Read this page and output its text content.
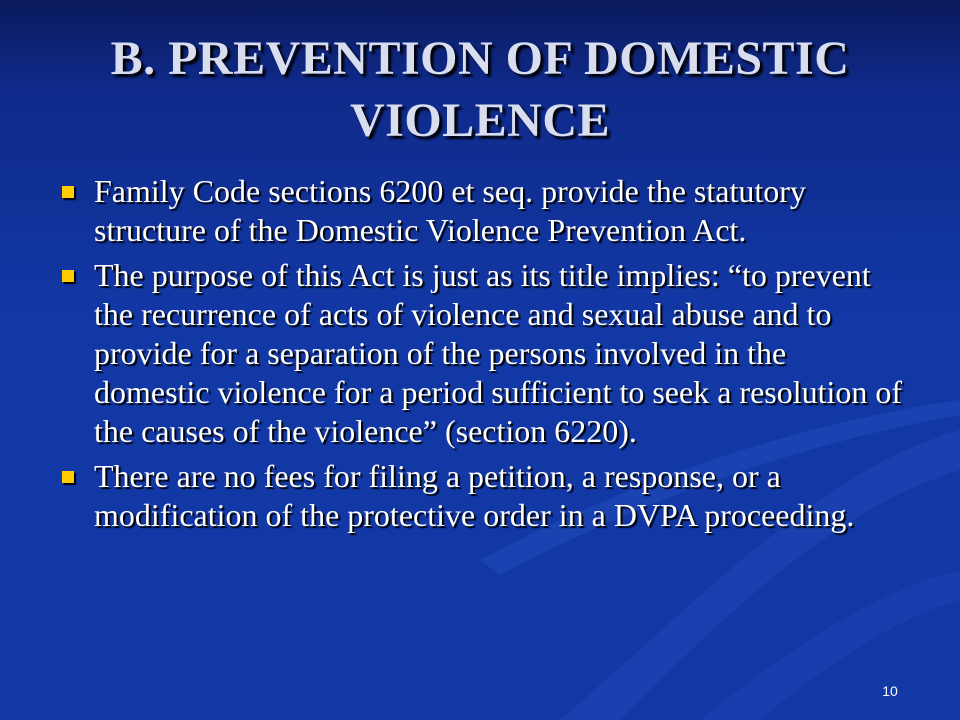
B. PREVENTION OF DOMESTIC VIOLENCE
Family Code sections 6200 et seq. provide the statutory structure of the Domestic Violence Prevention Act.
The purpose of this Act is just as its title implies: “to prevent the recurrence of acts of violence and sexual abuse and to provide for a separation of the persons involved in the domestic violence for a period sufficient to seek a resolution of the causes of the violence” (section 6220).
There are no fees for filing a petition, a response, or a modification of the protective order in a DVPA proceeding.
10
